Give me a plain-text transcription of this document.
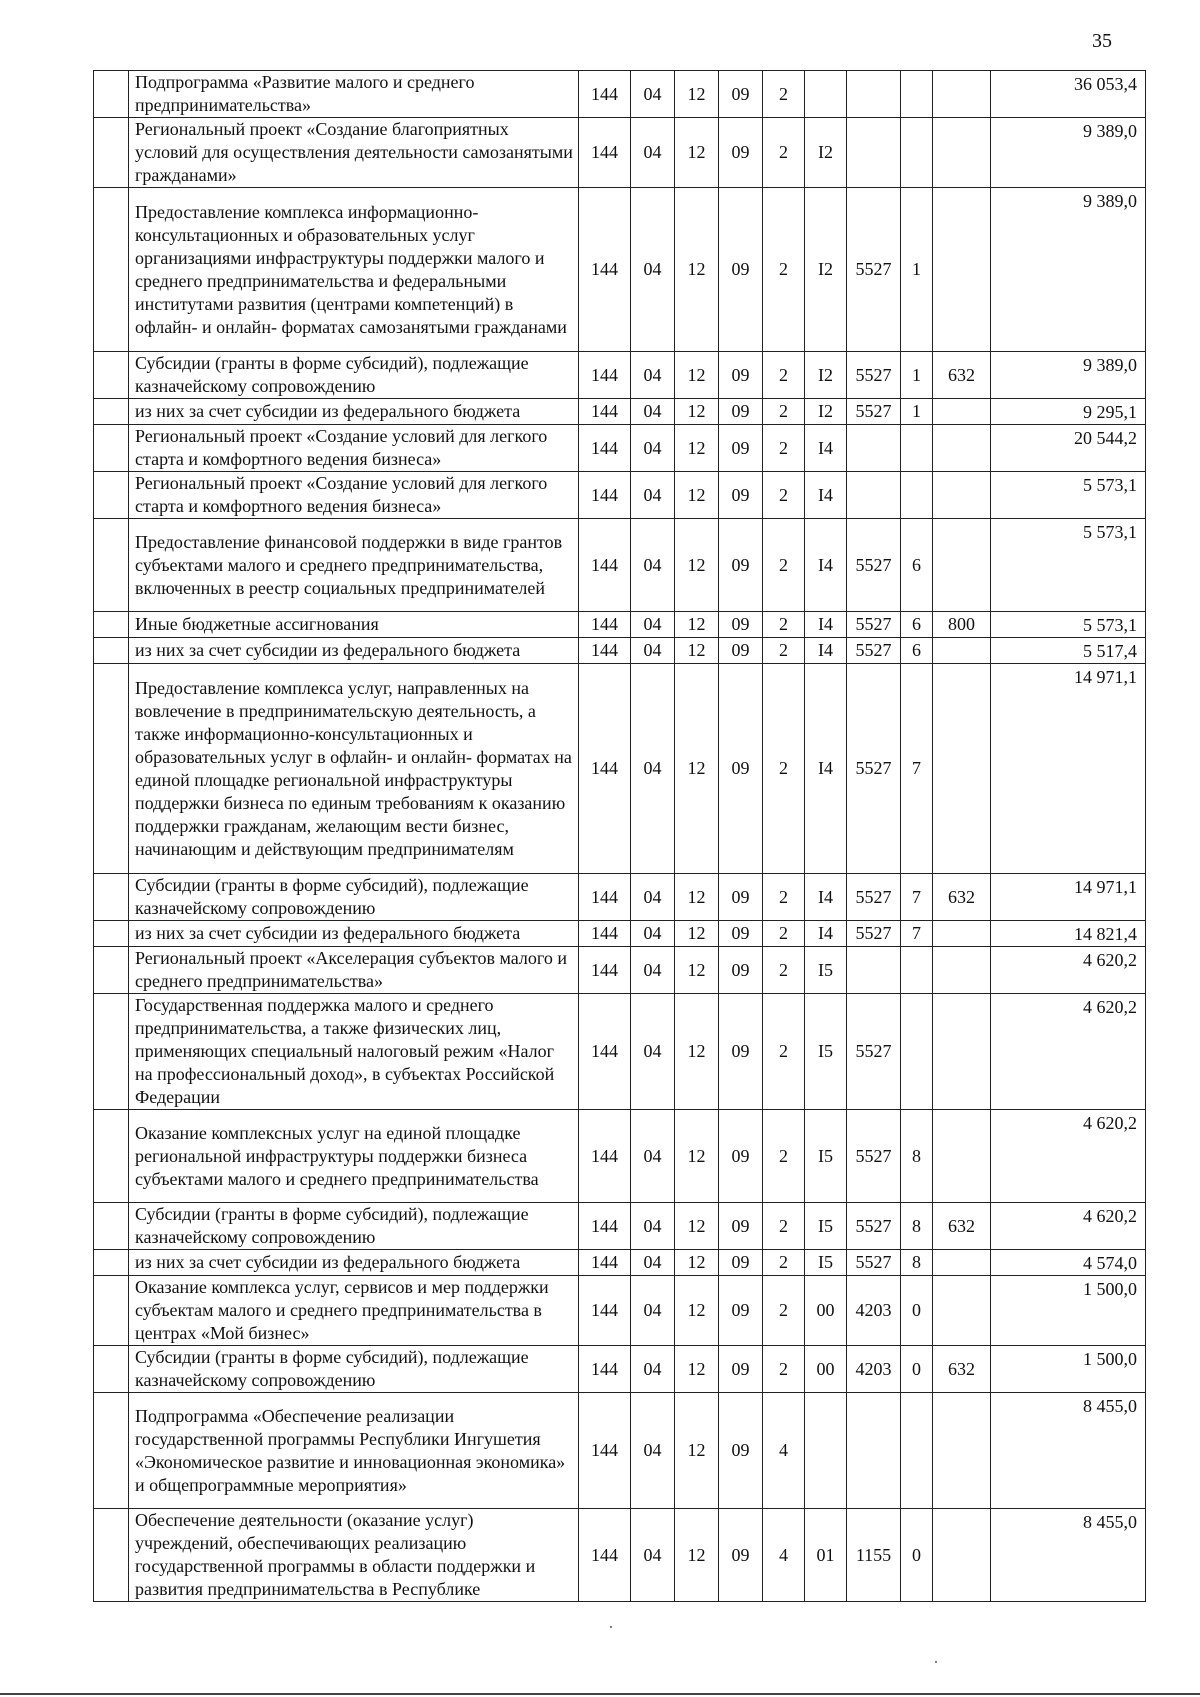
35
	Подпрограмма «Развитие малого и среднего предпринимательства»	144	04	12	09	2					36 053,4
	Региональный проект «Создание благоприятных условий для осуществления деятельности самозанятыми гражданами»	144	04	12	09	2	I2				9 389,0
	Предоставление комплекса информационно-консультационных и образовательных услуг организациями инфраструктуры поддержки малого и среднего предпринимательства и федеральными институтами развития (центрами компетенций) в офлайн- и онлайн- форматах самозанятыми гражданами	144	04	12	09	2	I2	5527	1		9 389,0
	Субсидии (гранты в форме субсидий), подлежащие казначейскому сопровождению	144	04	12	09	2	I2	5527	1	632	9 389,0
	из них за счет субсидии из федерального бюджета	144	04	12	09	2	I2	5527	1		9 295,1
	Региональный проект «Создание условий для легкого старта и комфортного ведения бизнеса»	144	04	12	09	2	I4				20 544,2
	Региональный проект «Создание условий для легкого старта и комфортного ведения бизнеса»	144	04	12	09	2	I4				5 573,1
	Предоставление финансовой поддержки в виде грантов субъектами малого и среднего предпринимательства, включенных в реестр социальных предпринимателей	144	04	12	09	2	I4	5527	6		5 573,1
	Иные бюджетные ассигнования	144	04	12	09	2	I4	5527	6	800	5 573,1
	из них за счет субсидии из федерального бюджета	144	04	12	09	2	I4	5527	6		5 517,4
	Предоставление комплекса услуг, направленных на вовлечение в предпринимательскую деятельность, а также информационно-консультационных и образовательных услуг в офлайн- и онлайн- форматах на единой площадке региональной инфраструктуры поддержки бизнеса по единым требованиям к оказанию поддержки гражданам, желающим вести бизнес, начинающим и действующим предпринимателям	144	04	12	09	2	I4	5527	7		14 971,1
	Субсидии (гранты в форме субсидий), подлежащие казначейскому сопровождению	144	04	12	09	2	I4	5527	7	632	14 971,1
	из них за счет субсидии из федерального бюджета	144	04	12	09	2	I4	5527	7		14 821,4
	Региональный проект «Акселерация субъектов малого и среднего предпринимательства»	144	04	12	09	2	I5				4 620,2
	Государственная поддержка малого и среднего предпринимательства, а также физических лиц, применяющих специальный налоговый режим «Налог на профессиональный доход», в субъектах Российской Федерации	144	04	12	09	2	I5	5527			4 620,2
	Оказание комплексных услуг на единой площадке региональной инфраструктуры поддержки бизнеса субъектами малого и среднего предпринимательства	144	04	12	09	2	I5	5527	8		4 620,2
	Субсидии (гранты в форме субсидий), подлежащие казначейскому сопровождению	144	04	12	09	2	I5	5527	8	632	4 620,2
	из них за счет субсидии из федерального бюджета	144	04	12	09	2	I5	5527	8		4 574,0
	Оказание комплекса услуг, сервисов и мер поддержки субъектам малого и среднего предпринимательства в центрах «Мой бизнес»	144	04	12	09	2	00	4203	0		1 500,0
	Субсидии (гранты в форме субсидий), подлежащие казначейскому сопровождению	144	04	12	09	2	00	4203	0	632	1 500,0
	Подпрограмма «Обеспечение реализации государственной программы Республики Ингушетия «Экономическое развитие и инновационная экономика» и общепрограммные мероприятия»	144	04	12	09	4					8 455,0
	Обеспечение деятельности (оказание услуг) учреждений, обеспечивающих реализацию государственной программы в области поддержки и развития предпринимательства в Республике	144	04	12	09	4	01	1155	0		8 455,0
